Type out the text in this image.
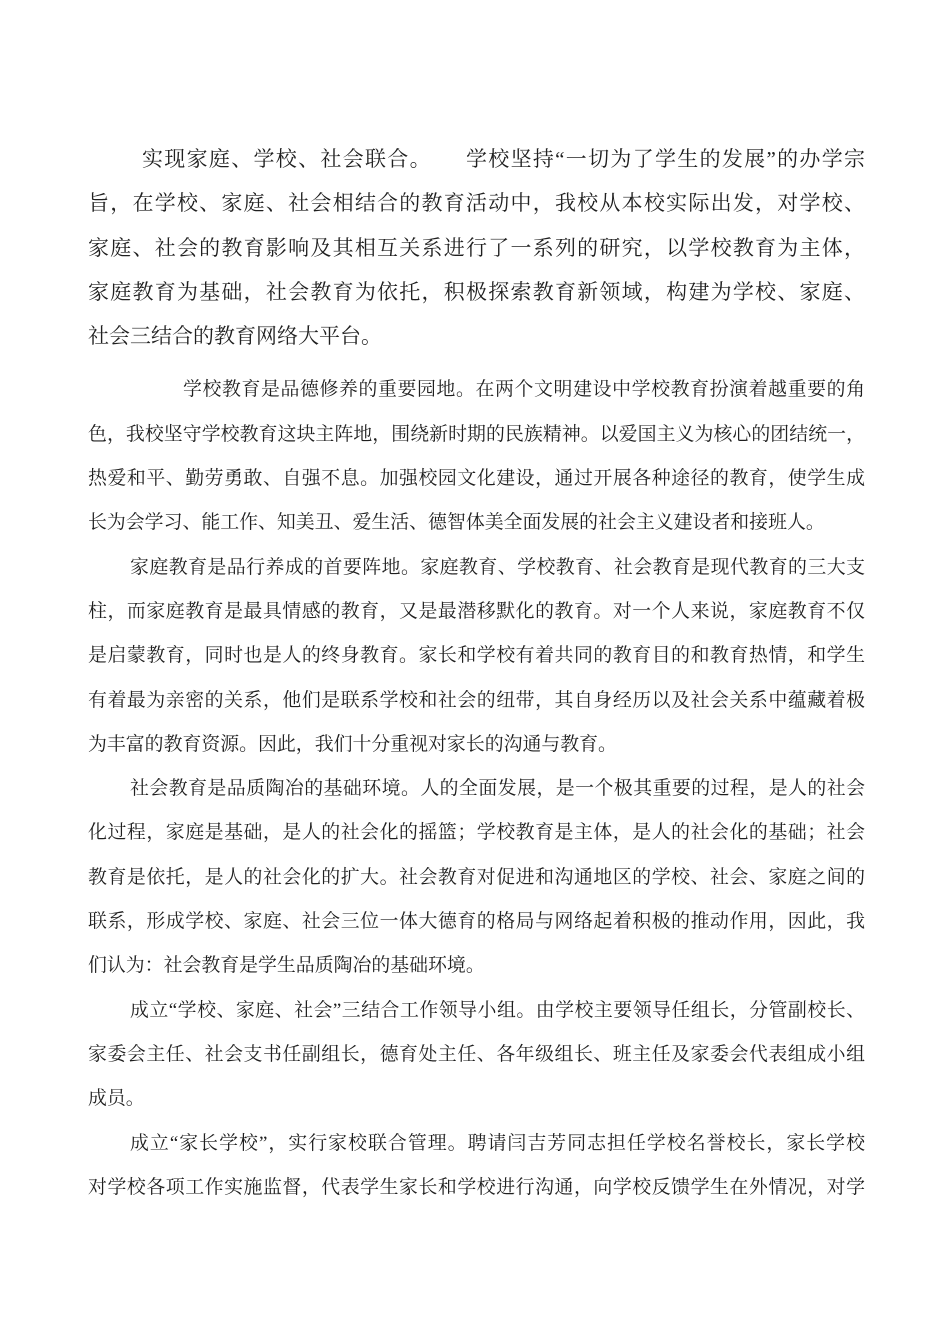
实现家庭、学校、社会联合。　　学校坚持“一切为了学生的发展”的办学宗
旨，在学校、家庭、社会相结合的教育活动中，我校从本校实际出发，对学校、
家庭、社会的教育影响及其相互关系进行了一系列的研究，以学校教育为主体，
家庭教育为基础，社会教育为依托，积极探索教育新领域，构建为学校、家庭、
社会三结合的教育网络大平台。
学校教育是品德修养的重要园地。在两个文明建设中学校教育扮演着越重要的角
色，我校坚守学校教育这块主阵地，围绕新时期的民族精神。以爱国主义为核心的团结统一，
热爱和平、勤劳勇敢、自强不息。加强校园文化建设，通过开展各种途径的教育，使学生成
长为会学习、能工作、知美丑、爱生活、德智体美全面发展的社会主义建设者和接班人。
家庭教育是品行养成的首要阵地。家庭教育、学校教育、社会教育是现代教育的三大支
柱，而家庭教育是最具情感的教育，又是最潜移默化的教育。对一个人来说，家庭教育不仅
是启蒙教育，同时也是人的终身教育。家长和学校有着共同的教育目的和教育热情，和学生
有着最为亲密的关系，他们是联系学校和社会的纽带，其自身经历以及社会关系中蕴藏着极
为丰富的教育资源。因此，我们十分重视对家长的沟通与教育。
社会教育是品质陶冶的基础环境。人的全面发展，是一个极其重要的过程，是人的社会
化过程，家庭是基础，是人的社会化的摇篮；学校教育是主体，是人的社会化的基础；社会
教育是依托，是人的社会化的扩大。社会教育对促进和沟通地区的学校、社会、家庭之间的
联系，形成学校、家庭、社会三位一体大德育的格局与网络起着积极的推动作用，因此，我
们认为：社会教育是学生品质陶冶的基础环境。
成立“学校、家庭、社会”三结合工作领导小组。由学校主要领导任组长，分管副校长、
家委会主任、社会支书任副组长，德育处主任、各年级组长、班主任及家委会代表组成小组
成员。
成立“家长学校”，实行家校联合管理。聘请闫吉芳同志担任学校名誉校长，家长学校
对学校各项工作实施监督，代表学生家长和学校进行沟通，向学校反馈学生在外情况，对学
